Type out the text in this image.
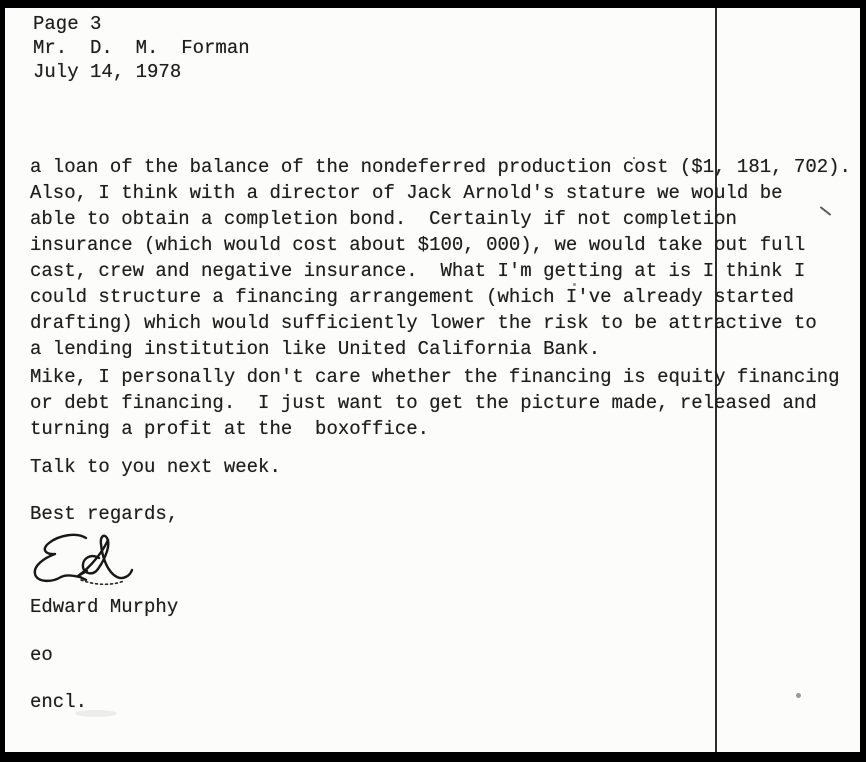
Page 3
Mr.  D.  M.  Forman
July 14, 1978
a loan of the balance of the nondeferred production cost ($1, 181, 702).
Also, I think with a director of Jack Arnold's stature we would be
able to obtain a completion bond.  Certainly if not completion
insurance (which would cost about $100, 000), we would take out full
cast, crew and negative insurance.  What I'm getting at is I think I
could structure a financing arrangement (which I've already started
drafting) which would sufficiently lower the risk to be attractive to
a lending institution like United California Bank.
Mike, I personally don't care whether the financing is equity financing
or debt financing.  I just want to get the picture made, released and
turning a profit at the  boxoffice.
Talk to you next week.
Best regards,
Edward Murphy
eo
encl.
